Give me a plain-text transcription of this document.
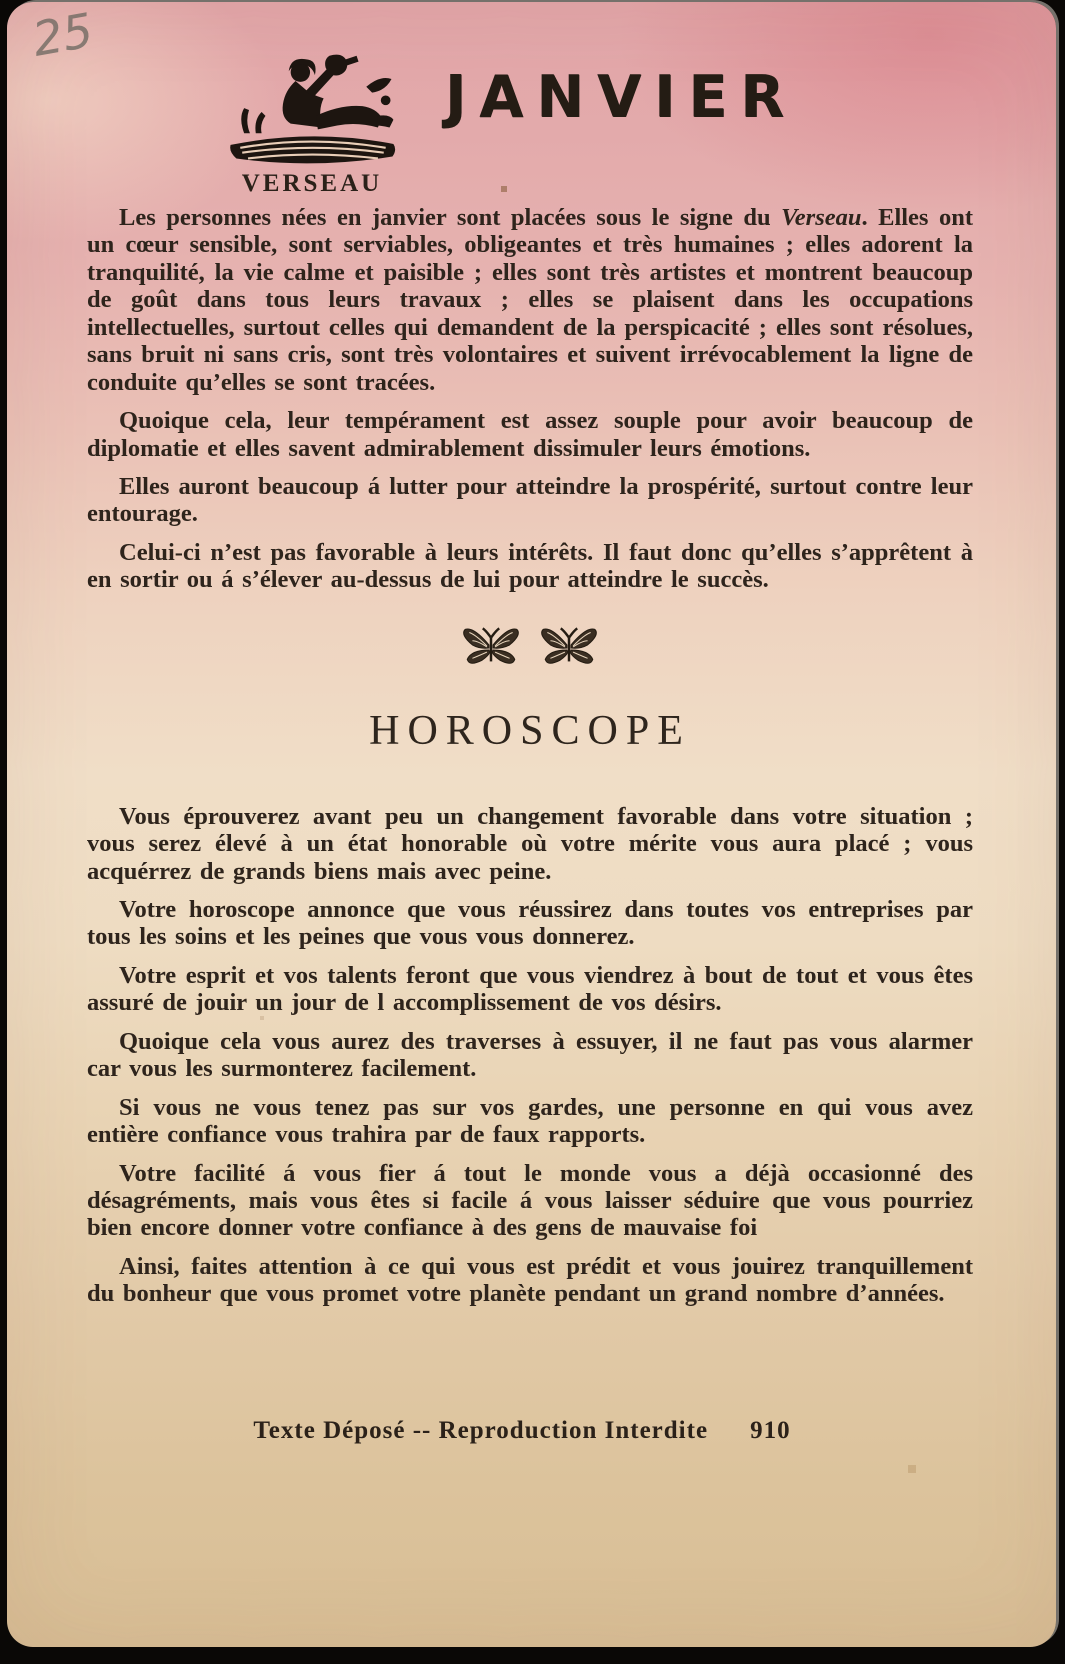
25
VERSEAU
JANVIER

Les personnes nées en janvier sont placées sous le signe du Verseau. Elles ont un cœur sensible, sont serviables, obligeantes et très humaines ; elles adorent la tranquilité, la vie calme et paisible ; elles sont très artistes et montrent beaucoup de goût dans tous leurs travaux ; elles se plaisent dans les occupations intellectuelles, surtout celles qui demandent de la perspicacité ; elles sont résolues, sans bruit ni sans cris, sont très volontaires et suivent irrévocablement la ligne de conduite qu’elles se sont tracées.

Quoique cela, leur tempérament est assez souple pour avoir beaucoup de diplomatie et elles savent admirablement dissimuler leurs émotions.

Elles auront beaucoup á lutter pour atteindre la prospérité, surtout contre leur entourage.

Celui-ci n’est pas favorable à leurs intérêts. Il faut donc qu’elles s’apprêtent à en sortir ou á s’élever au-dessus de lui pour atteindre le succès.

HOROSCOPE

Vous éprouverez avant peu un changement favorable dans votre situation ; vous serez élevé à un état honorable où votre mérite vous aura placé ; vous acquérrez de grands biens mais avec peine.

Votre horoscope annonce que vous réussirez dans toutes vos entreprises par tous les soins et les peines que vous vous donnerez.

Votre esprit et vos talents feront que vous viendrez à bout de tout et vous êtes assuré de jouir un jour de l accomplissement de vos désirs.

Quoique cela vous aurez des traverses à essuyer, il ne faut pas vous alarmer car vous les surmonterez facilement.

Si vous ne vous tenez pas sur vos gardes, une personne en qui vous avez entière confiance vous trahira par de faux rapports.

Votre facilité á vous fier á tout le monde vous a déjà occasionné des désagréments, mais vous êtes si facile á vous laisser séduire que vous pourriez bien encore donner votre confiance à des gens de mauvaise foi

Ainsi, faites attention à ce qui vous est prédit et vous jouirez tranquillement du bonheur que vous promet votre planète pendant un grand nombre d’années.

Texte Déposé -- Reproduction Interdite 910
